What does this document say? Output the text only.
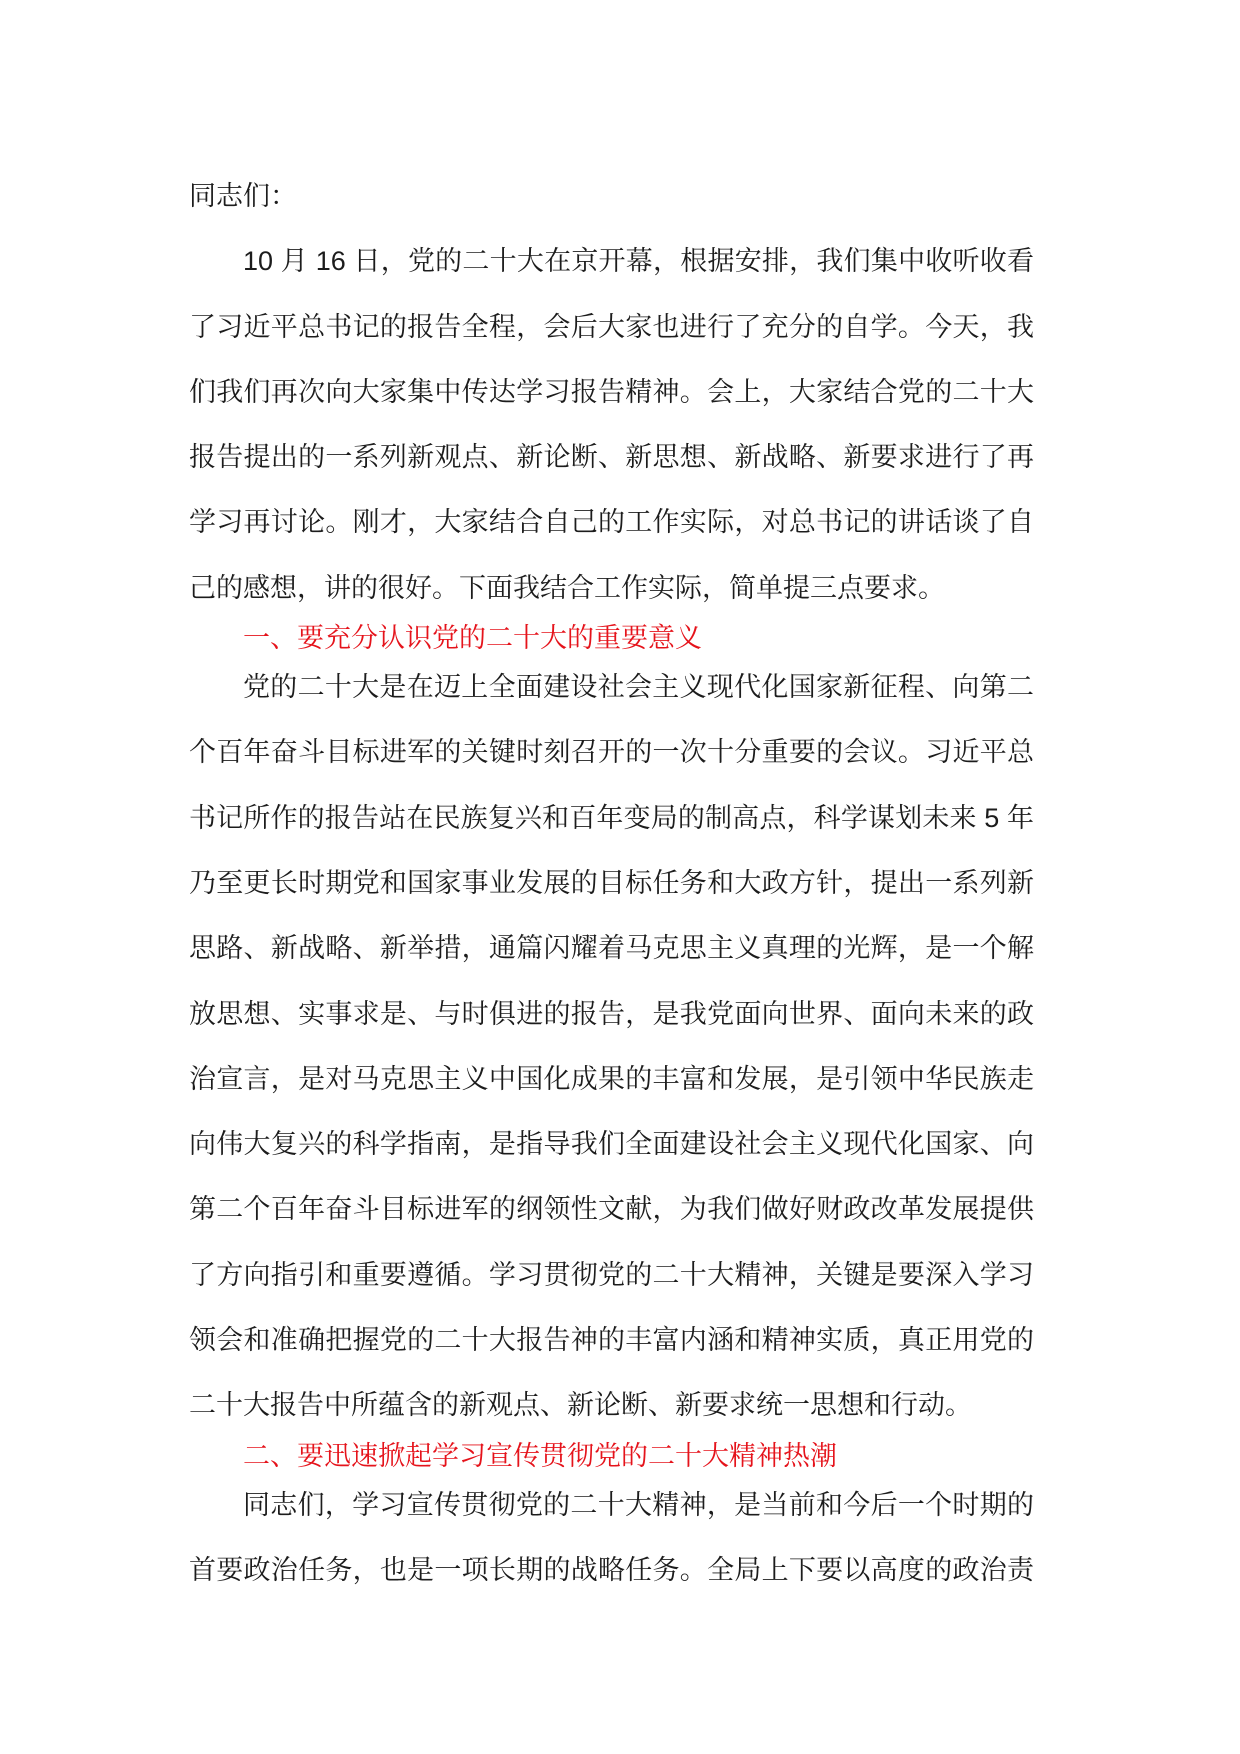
同志们：
10 月 16 日，党的二十大在京开幕，根据安排，我们集中收听收看
了习近平总书记的报告全程，会后大家也进行了充分的自学。今天，我
们我们再次向大家集中传达学习报告精神。会上，大家结合党的二十大
报告提出的一系列新观点、新论断、新思想、新战略、新要求进行了再
学习再讨论。刚才，大家结合自己的工作实际，对总书记的讲话谈了自
己的感想，讲的很好。下面我结合工作实际，简单提三点要求。
一、要充分认识党的二十大的重要意义
党的二十大是在迈上全面建设社会主义现代化国家新征程、向第二
个百年奋斗目标进军的关键时刻召开的一次十分重要的会议。习近平总
书记所作的报告站在民族复兴和百年变局的制高点，科学谋划未来 5 年
乃至更长时期党和国家事业发展的目标任务和大政方针，提出一系列新
思路、新战略、新举措，通篇闪耀着马克思主义真理的光辉，是一个解
放思想、实事求是、与时俱进的报告，是我党面向世界、面向未来的政
治宣言，是对马克思主义中国化成果的丰富和发展，是引领中华民族走
向伟大复兴的科学指南，是指导我们全面建设社会主义现代化国家、向
第二个百年奋斗目标进军的纲领性文献，为我们做好财政改革发展提供
了方向指引和重要遵循。学习贯彻党的二十大精神，关键是要深入学习
领会和准确把握党的二十大报告神的丰富内涵和精神实质，真正用党的
二十大报告中所蕴含的新观点、新论断、新要求统一思想和行动。
二、要迅速掀起学习宣传贯彻党的二十大精神热潮
同志们，学习宣传贯彻党的二十大精神，是当前和今后一个时期的
首要政治任务，也是一项长期的战略任务。全局上下要以高度的政治责
